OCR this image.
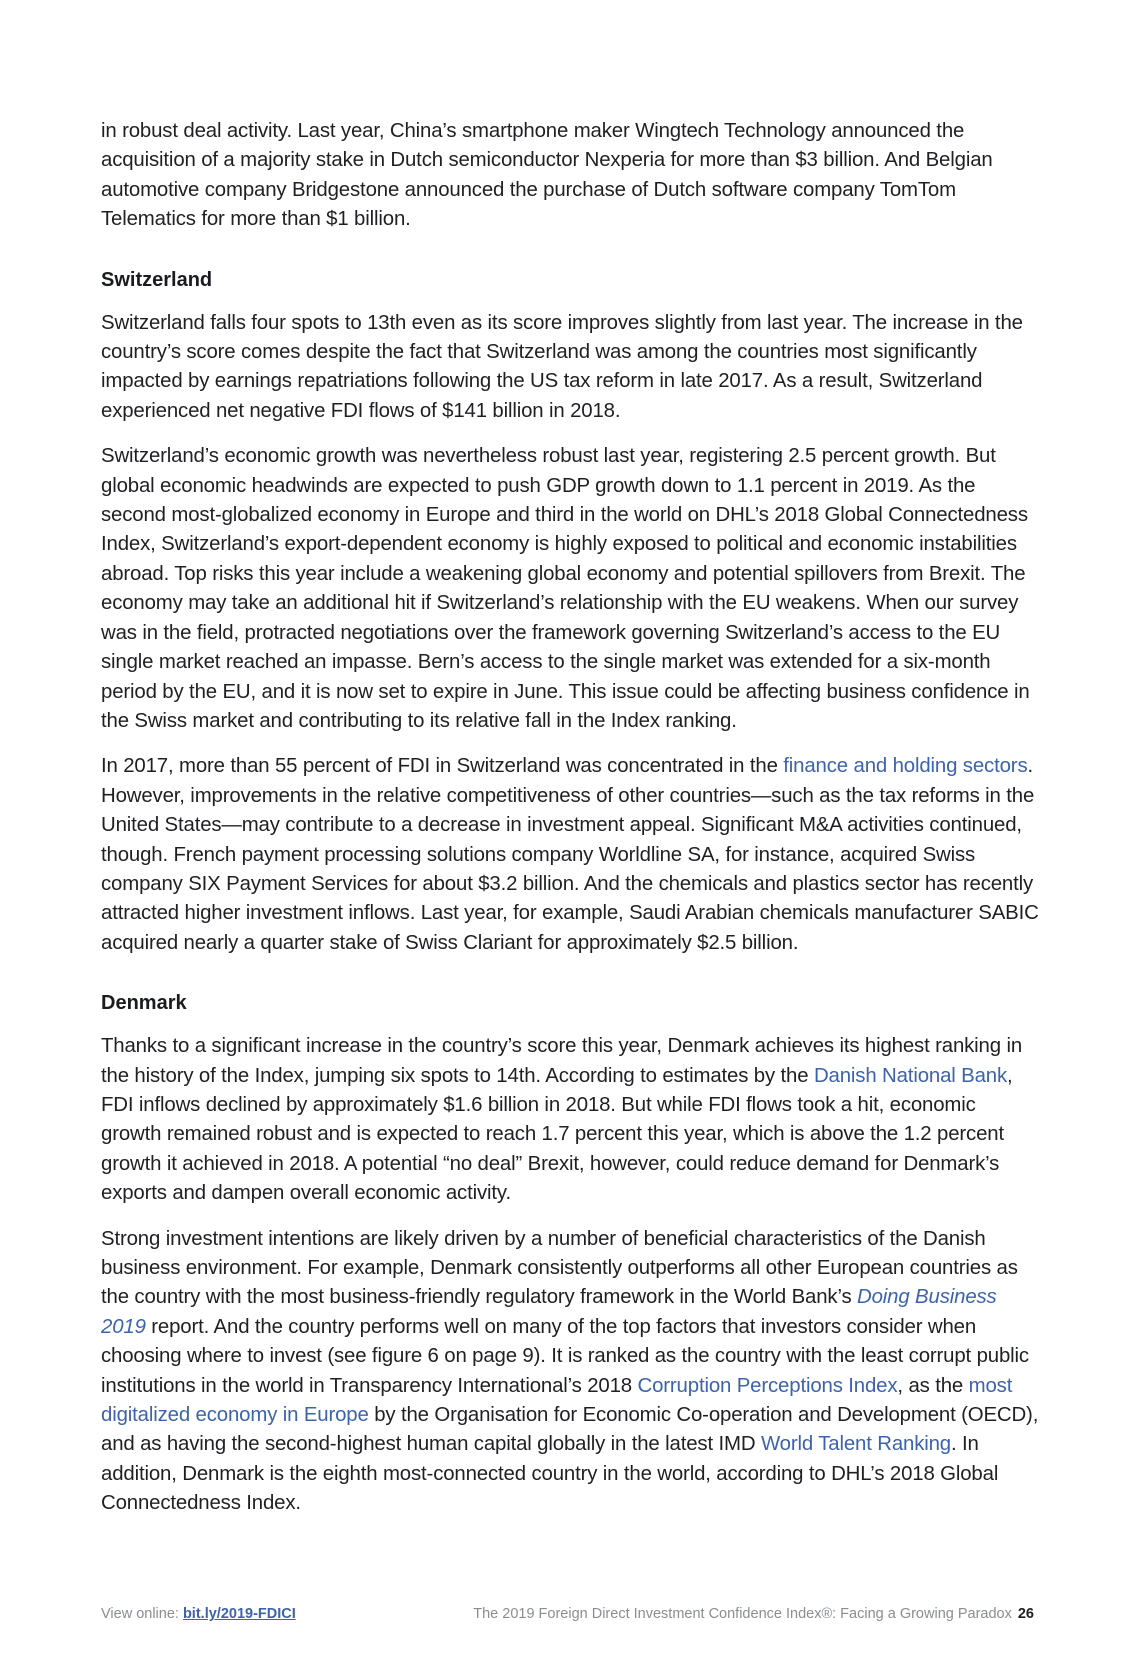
in robust deal activity. Last year, China’s smartphone maker Wingtech Technology announced the acquisition of a majority stake in Dutch semiconductor Nexperia for more than $3 billion. And Belgian automotive company Bridgestone announced the purchase of Dutch software company TomTom Telematics for more than $1 billion.

Switzerland

Switzerland falls four spots to 13th even as its score improves slightly from last year. The increase in the country’s score comes despite the fact that Switzerland was among the countries most significantly impacted by earnings repatriations following the US tax reform in late 2017. As a result, Switzerland experienced net negative FDI flows of $141 billion in 2018.

Switzerland’s economic growth was nevertheless robust last year, registering 2.5 percent growth. But global economic headwinds are expected to push GDP growth down to 1.1 percent in 2019. As the second most-globalized economy in Europe and third in the world on DHL’s 2018 Global Connectedness Index, Switzerland’s export-dependent economy is highly exposed to political and economic instabilities abroad. Top risks this year include a weakening global economy and potential spillovers from Brexit. The economy may take an additional hit if Switzerland’s relationship with the EU weakens. When our survey was in the field, protracted negotiations over the framework governing Switzerland’s access to the EU single market reached an impasse. Bern’s access to the single market was extended for a six-month period by the EU, and it is now set to expire in June. This issue could be affecting business confidence in the Swiss market and contributing to its relative fall in the Index ranking.

In 2017, more than 55 percent of FDI in Switzerland was concentrated in the finance and holding sectors. However, improvements in the relative competitiveness of other countries—such as the tax reforms in the United States—may contribute to a decrease in investment appeal. Significant M&A activities continued, though. French payment processing solutions company Worldline SA, for instance, acquired Swiss company SIX Payment Services for about $3.2 billion. And the chemicals and plastics sector has recently attracted higher investment inflows. Last year, for example, Saudi Arabian chemicals manufacturer SABIC acquired nearly a quarter stake of Swiss Clariant for approximately $2.5 billion.

Denmark

Thanks to a significant increase in the country’s score this year, Denmark achieves its highest ranking in the history of the Index, jumping six spots to 14th. According to estimates by the Danish National Bank, FDI inflows declined by approximately $1.6 billion in 2018. But while FDI flows took a hit, economic growth remained robust and is expected to reach 1.7 percent this year, which is above the 1.2 percent growth it achieved in 2018. A potential “no deal” Brexit, however, could reduce demand for Denmark’s exports and dampen overall economic activity.

Strong investment intentions are likely driven by a number of beneficial characteristics of the Danish business environment. For example, Denmark consistently outperforms all other European countries as the country with the most business-friendly regulatory framework in the World Bank’s Doing Business 2019 report. And the country performs well on many of the top factors that investors consider when choosing where to invest (see figure 6 on page 9). It is ranked as the country with the least corrupt public institutions in the world in Transparency International’s 2018 Corruption Perceptions Index, as the most digitalized economy in Europe by the Organisation for Economic Co-operation and Development (OECD), and as having the second-highest human capital globally in the latest IMD World Talent Ranking. In addition, Denmark is the eighth most-connected country in the world, according to DHL’s 2018 Global Connectedness Index.

View online: bit.ly/2019-FDICI	The 2019 Foreign Direct Investment Confidence Index®: Facing a Growing Paradox 26
